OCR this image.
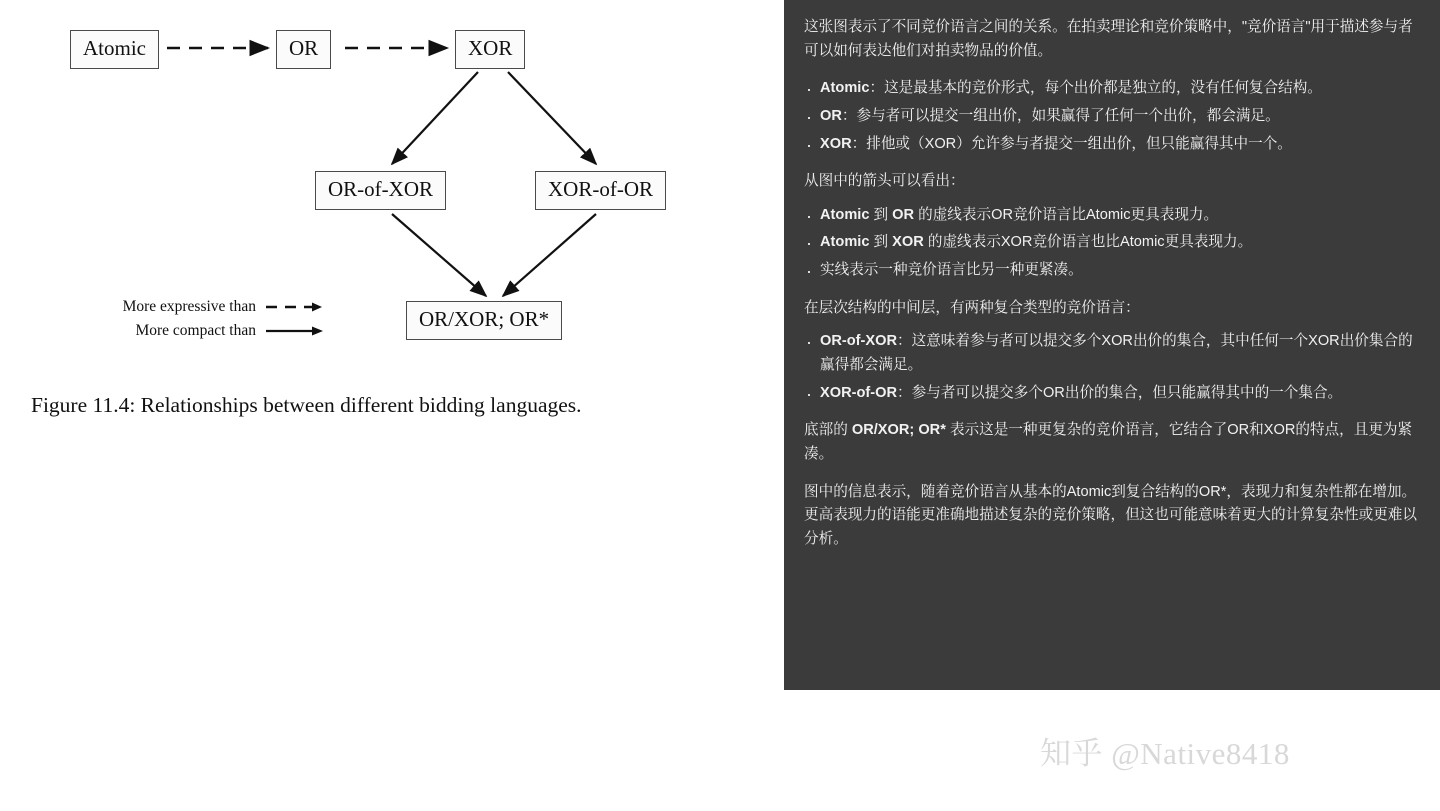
Atomic	OR	XOR
OR-of-XOR	XOR-of-OR
OR/XOR; OR*
More expressive than
More compact than
Figure 11.4: Relationships between different bidding languages.

这张图表示了不同竞价语言之间的关系。在拍卖理论和竞价策略中，"竞价语言"用于描述参与者可以如何表达他们对拍卖物品的价值。

· Atomic：这是最基本的竞价形式，每个出价都是独立的，没有任何复合结构。
· OR：参与者可以提交一组出价，如果赢得了任何一个出价，都会满足。
· XOR：排他或（XOR）允许参与者提交一组出价，但只能赢得其中一个。

从图中的箭头可以看出：

· Atomic 到 OR 的虚线表示OR竞价语言比Atomic更具表现力。
· Atomic 到 XOR 的虚线表示XOR竞价语言也比Atomic更具表现力。
· 实线表示一种竞价语言比另一种更紧凑。

在层次结构的中间层，有两种复合类型的竞价语言：

· OR-of-XOR：这意味着参与者可以提交多个XOR出价的集合，其中任何一个XOR出价集合的赢得都会满足。
· XOR-of-OR：参与者可以提交多个OR出价的集合，但只能赢得其中的一个集合。

底部的 OR/XOR; OR* 表示这是一种更复杂的竞价语言，它结合了OR和XOR的特点，且更为紧凑。

图中的信息表示，随着竞价语言从基本的Atomic到复合结构的OR*，表现力和复杂性都在增加。更高表现力的语能更准确地描述复杂的竞价策略，但这也可能意味着更大的计算复杂性或更难以分析。

知乎 @Native8418
